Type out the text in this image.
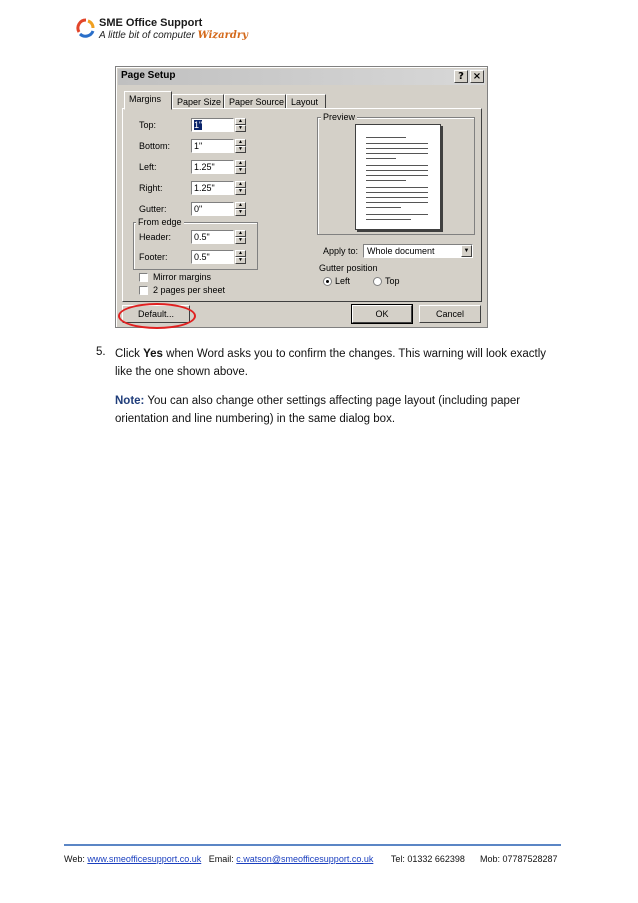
SME Office Support
A little bit of computer Wizardry
Page Setup	? ×
Margins	Paper Size Paper Source Layout
Top:	1"	▲
▼
Bottom:	1"	▲
▼
Left:	1.25"	▲
▼
Right:	1.25"	▲
▼
Gutter:	0"	▲
▼
From edge
Header:	0.5"	▲
▼
Footer:	0.5"	▲
▼
Mirror margins
2 pages per sheet
Preview
Apply to: Whole document	▼
Gutter position
Left	Top
Default...	OK	Cancel
5. Click Yes when Word asks you to confirm the changes. This warning will look exactly like the one shown above.
Note: You can also change other settings affecting page layout (including paper orientation and line numbering) in the same dialog box.
Web: www.smeofficesupport.co.uk Email: c.watson@smeofficesupport.co.uk Tel: 01332 662398 Mob: 07787528287
